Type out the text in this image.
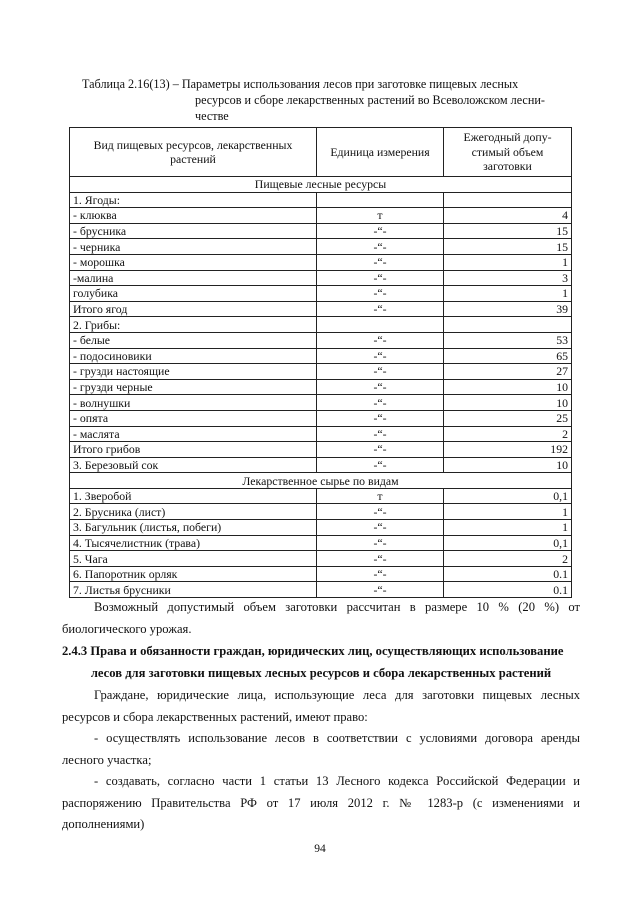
Таблица 2.16(13) – Параметры использования лесов при заготовке пищевых лесных
ресурсов и сборе лекарственных растений во Всеволожском лесни-
честве
Вид пищевых ресурсов, лекарственных растений	Единица измерения	Ежегодный допу-стимый объем заготовки
Пищевые лесные ресурсы		
1. Ягоды:		
- клюква	т	4
- брусника	-“-	15
- черника	-“-	15
- морошка	-“-	1
-малина	-“-	3
голубика	-“-	1
Итого ягод	-“-	39
2. Грибы:		
- белые	-“-	53
- подосиновики	-“-	65
- грузди настоящие	-“-	27
- грузди черные	-“-	10
- волнушки	-“-	10
- опята	-“-	25
- маслята	-“-	2
Итого грибов	-“-	192
3. Березовый сок	-“-	10
Лекарственное сырье по видам		
1. Зверобой	т	0,1
2. Брусника (лист)	-“-	1
3. Багульник (листья, побеги)	-“-	1
4. Тысячелистник (трава)	-“-	0,1
5. Чага	-“-	2
6. Папоротник орляк	-“-	0.1
7. Листья брусники	-“-	0.1
Возможный допустимый объем заготовки рассчитан в размере 10 % (20 %) от биологического урожая.
2.4.3 Права и обязанности граждан, юридических лиц, осуществляющих использование
лесов для заготовки пищевых лесных ресурсов и сбора лекарственных растений
Граждане, юридические лица, использующие леса для заготовки пищевых лесных ресурсов и сбора лекарственных растений, имеют право:
- осуществлять использование лесов в соответствии с условиями договора аренды лесного участка;
- создавать, согласно части 1 статьи 13 Лесного кодекса Российской Федерации и распоряжению Правительства РФ от 17 июля 2012 г. № 1283-р (с изменениями и дополнениями)
94
